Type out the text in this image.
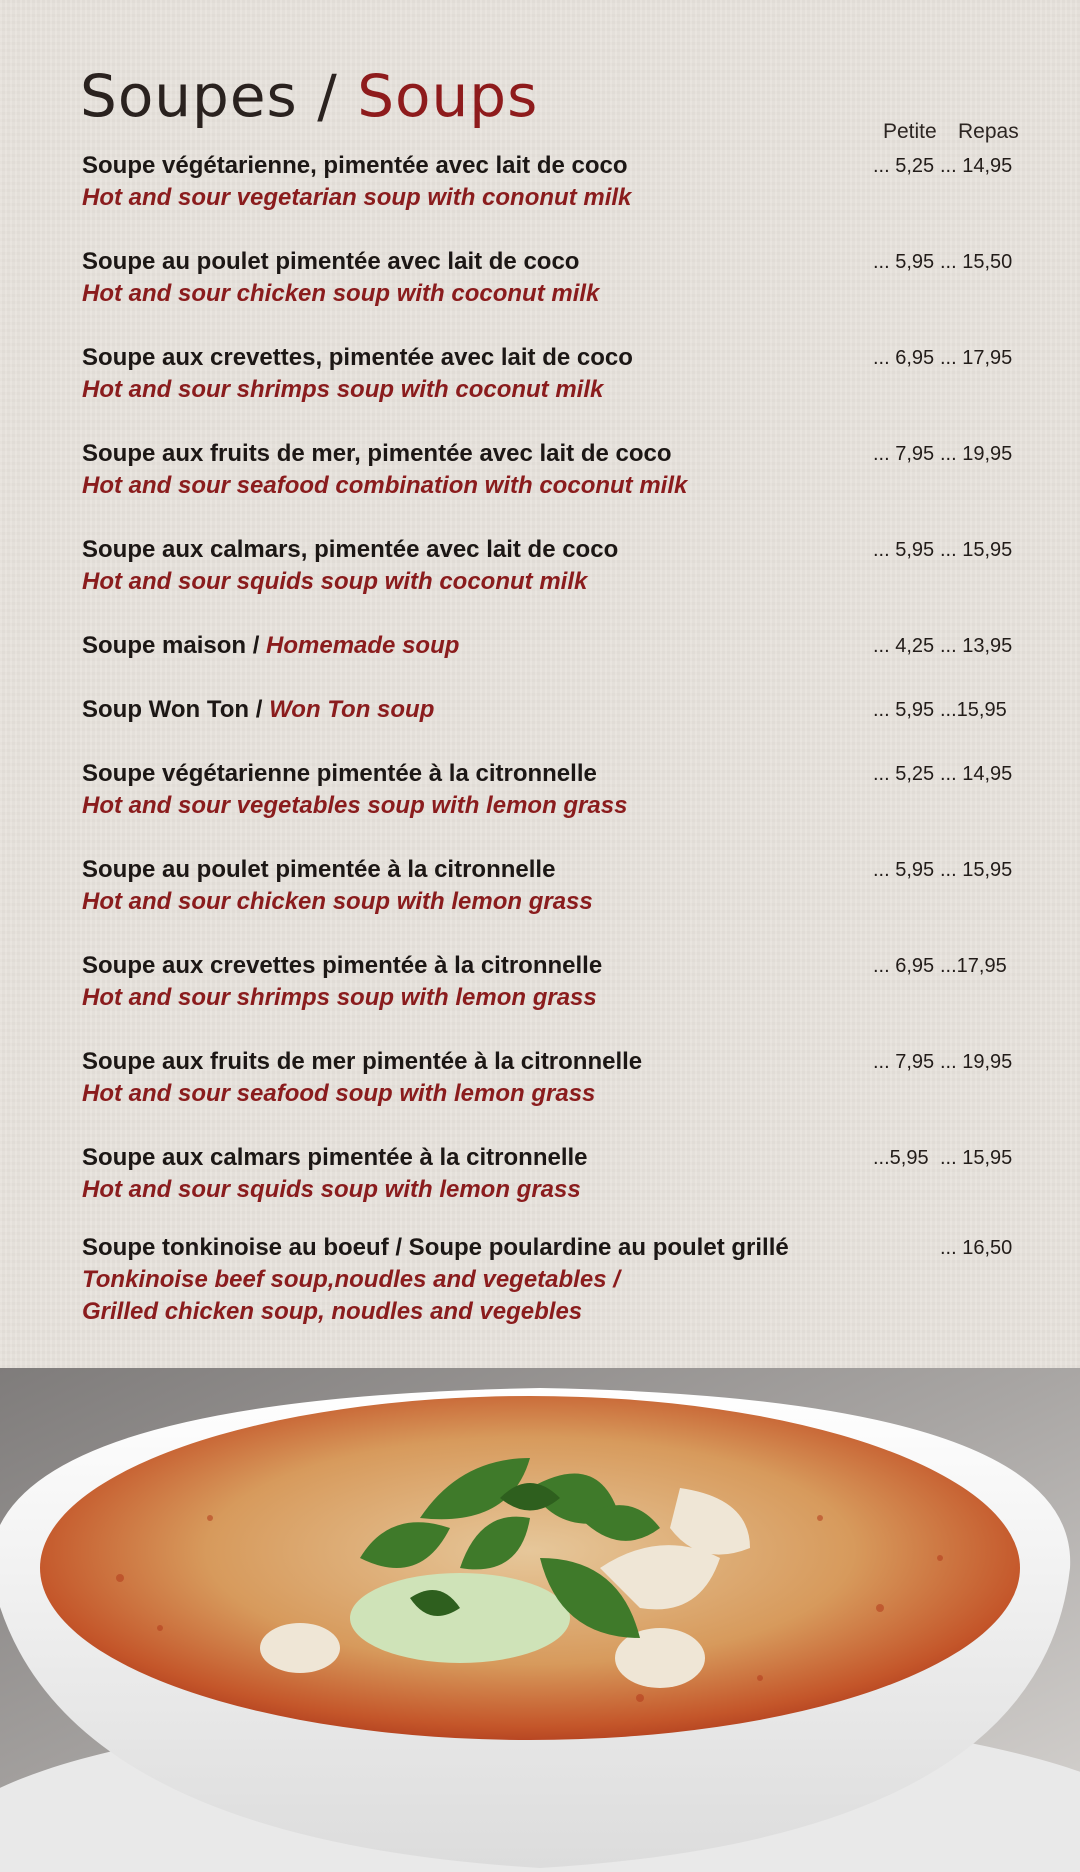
Soupes / Soups
Petite Repas
Soupe végétarienne, pimentée avec lait de coco
Hot and sour vegetarian soup with cononut milk
... 5,25 ... 14,95
Soupe au poulet pimentée avec lait de coco
Hot and sour chicken soup with coconut milk
... 5,95 ... 15,50
Soupe aux crevettes, pimentée avec lait de coco
Hot and sour shrimps soup with coconut milk
... 6,95 ... 17,95
Soupe aux fruits de mer, pimentée avec lait de coco
Hot and sour seafood combination with coconut milk
... 7,95 ... 19,95
Soupe aux calmars, pimentée avec lait de coco
Hot and sour squids soup with coconut milk
... 5,95 ... 15,95
Soupe maison / Homemade soup	... 4,25 ... 13,95
Soup Won Ton / Won Ton soup	... 5,95 ...15,95
Soupe végétarienne pimentée à la citronnelle
Hot and sour vegetables soup with lemon grass
... 5,25 ... 14,95
Soupe au poulet pimentée à la citronnelle
Hot and sour chicken soup with lemon grass
... 5,95 ... 15,95
Soupe aux crevettes pimentée à la citronnelle
Hot and sour shrimps soup with lemon grass
... 6,95 ...17,95
Soupe aux fruits de mer pimentée à la citronnelle
Hot and sour seafood soup with lemon grass
... 7,95 ... 19,95
Soupe aux calmars pimentée à la citronnelle
Hot and sour squids soup with lemon grass
...5,95 ... 15,95
Soupe tonkinoise au boeuf / Soupe poulardine au poulet grillé
Tonkinoise beef soup,noudles and vegetables /
Grilled chicken soup, noudles and vegebles
... 16,50
